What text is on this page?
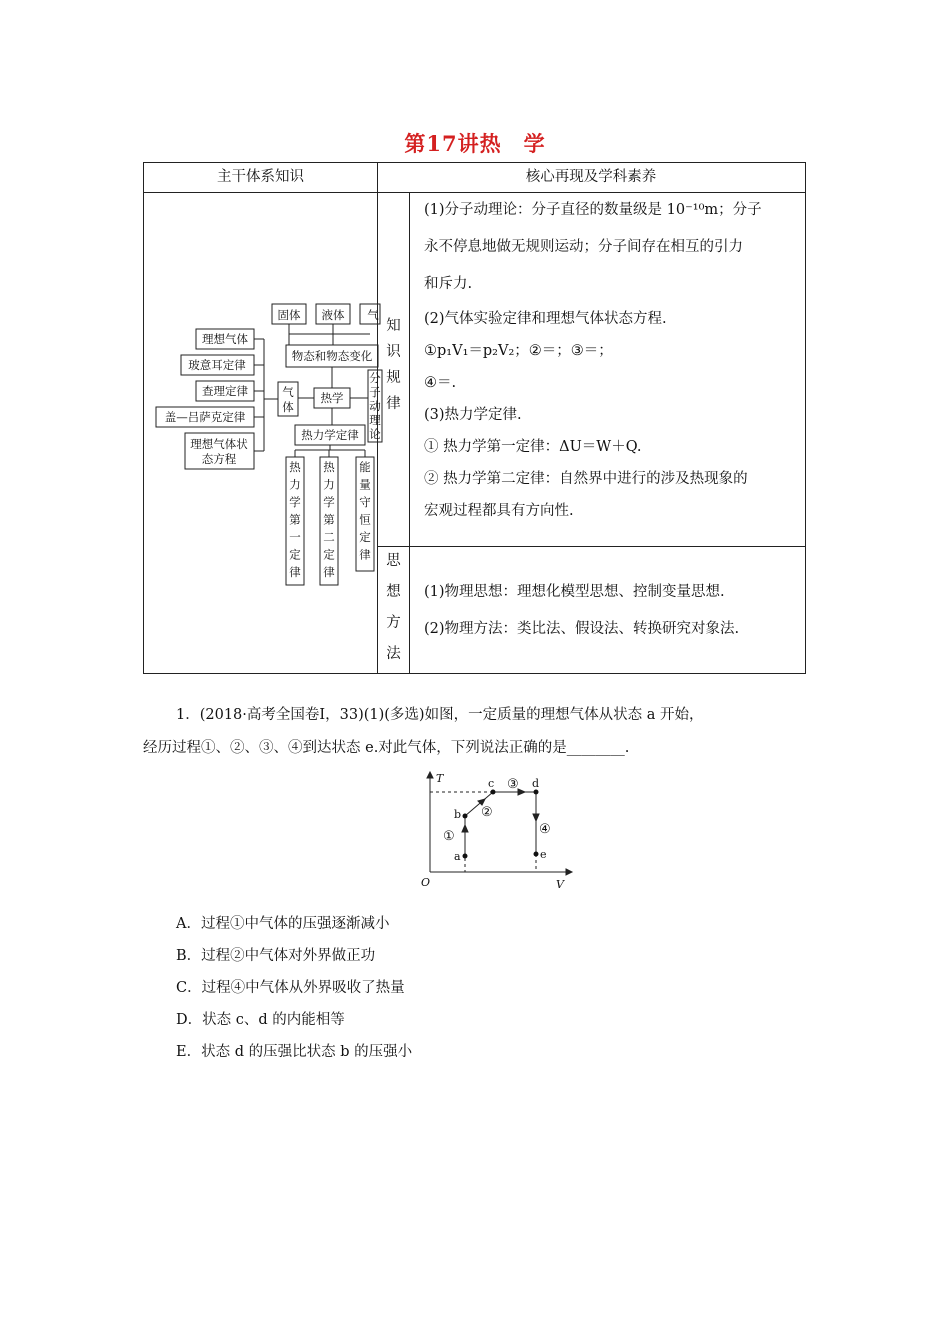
第17讲热　学
主干体系知识	核心再现及学科素养
固体 液体 气
物态和物态变化
理想气体
玻意耳定律
查理定律
盖—吕萨克定律
理想气体状
态方程
气
体
热学
热力学定律
分
子
动
理
论
热
力
学
第
一
定
律
热
力
学
第
二
定
律
能
量
守
恒
定
律
知
识
规
律
(1)分子动理论：分子直径的数量级是 10⁻¹⁰m；分子
永不停息地做无规则运动；分子间存在相互的引力
和斥力.
(2)气体实验定律和理想气体状态方程.
①p₁V₁＝p₂V₂；②＝；③＝；
④＝.
(3)热力学定律.
① 热力学第一定律：ΔU＝W＋Q.
② 热力学第二定律：自然界中进行的涉及热现象的
宏观过程都具有方向性.
思
想
方
法
(1)物理思想：理想化模型思想、控制变量思想.
(2)物理方法：类比法、假设法、转换研究对象法.
1．(2018·高考全国卷Ⅰ，33)(1)(多选)如图，一定质量的理想气体从状态 a 开始，
经历过程①、②、③、④到达状态 e.对此气体，下列说法正确的是________.
O	V
T
a
b
c	d
e
①
②
③
④
A．过程①中气体的压强逐渐减小
B．过程②中气体对外界做正功
C．过程④中气体从外界吸收了热量
D．状态 c、d 的内能相等
E．状态 d 的压强比状态 b 的压强小
